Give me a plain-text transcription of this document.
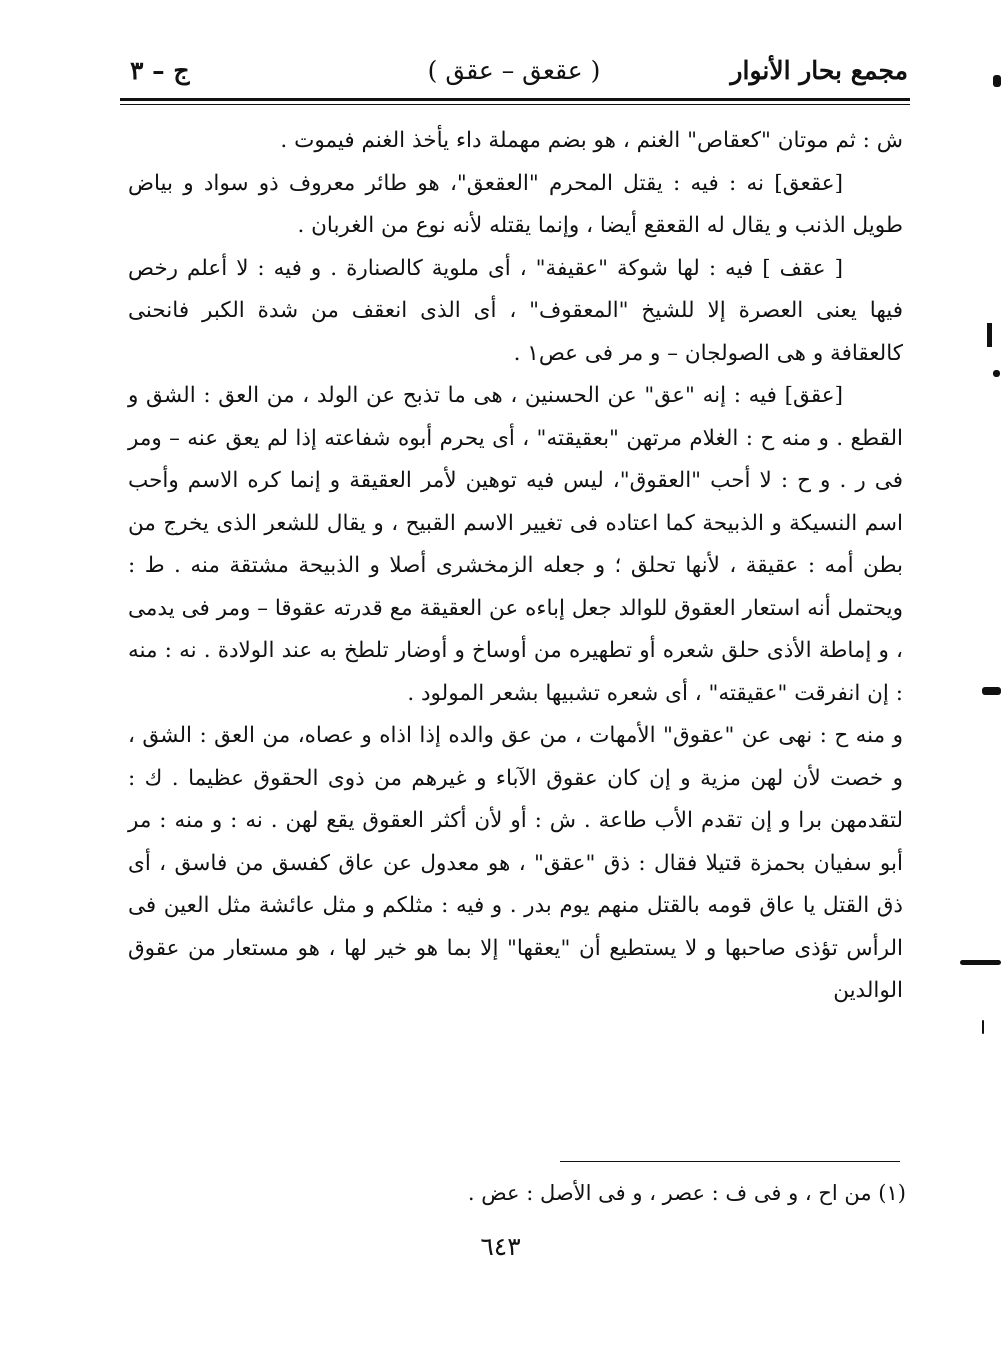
مجمع بحار الأنوار
( عقعق – عقق )
ج – ٣

ش : ثم موتان "كعقاص" الغنم ، هو بضم مهملة داء يأخذ الغنم فيموت .

[عقعق] نه : فيه : يقتل المحرم "العقعق"، هو طائر معروف ذو سواد و بياض طويل الذنب و يقال له القعقع أيضا ، وإنما يقتله لأنه نوع من الغربان .

[ عقف ] فيه : لها شوكة "عقيفة" ، أى ملوية كالصنارة . و فيه : لا أعلم رخص فيها يعنى العصرة إلا للشيخ "المعقوف" ، أى الذى انعقف من شدة الكبر فانحنى كالعقافة و هى الصولجان – و مر فى عص١ .

[عقق] فيه : إنه "عق" عن الحسنين ، هى ما تذبح عن الولد ، من العق : الشق و القطع . و منه ح : الغلام مرتهن "بعقيقته" ، أى يحرم أبوه شفاعته إذا لم يعق عنه – ومر فى ر . و ح : لا أحب "العقوق"، ليس فيه توهين لأمر العقيقة و إنما كره الاسم وأحب اسم النسيكة و الذبيحة كما اعتاده فى تغيير الاسم القبيح ، و يقال للشعر الذى يخرج من بطن أمه : عقيقة ، لأنها تحلق ؛ و جعله الزمخشرى أصلا و الذبيحة مشتقة منه . ط : ويحتمل أنه استعار العقوق للوالد جعل إباءه عن العقيقة مع قدرته عقوقا – ومر فى يدمى ، و إماطة الأذى حلق شعره أو تطهيره من أوساخ و أوضار تلطخ به عند الولادة . نه : منه : إن انفرقت "عقيقته" ، أى شعره تشبيها بشعر المولود .

و منه ح : نهى عن "عقوق" الأمهات ، من عق والده إذا اذاه و عصاه، من العق : الشق ، و خصت لأن لهن مزية و إن كان عقوق الآباء و غيرهم من ذوى الحقوق عظيما . ك : لتقدمهن برا و إن تقدم الأب طاعة . ش : أو لأن أكثر العقوق يقع لهن . نه : و منه : مر أبو سفيان بحمزة قتيلا فقال : ذق "عقق" ، هو معدول عن عاق كفسق من فاسق ، أى ذق القتل يا عاق قومه بالقتل منهم يوم بدر . و فيه : مثلكم و مثل عائشة مثل العين فى الرأس تؤذى صاحبها و لا يستطيع أن "يعقها" إلا بما هو خير لها ، هو مستعار من عقوق الوالدين

(١) من اح ، و فى ف : عصر ، و فى الأصل : عض .
٦٤٣
